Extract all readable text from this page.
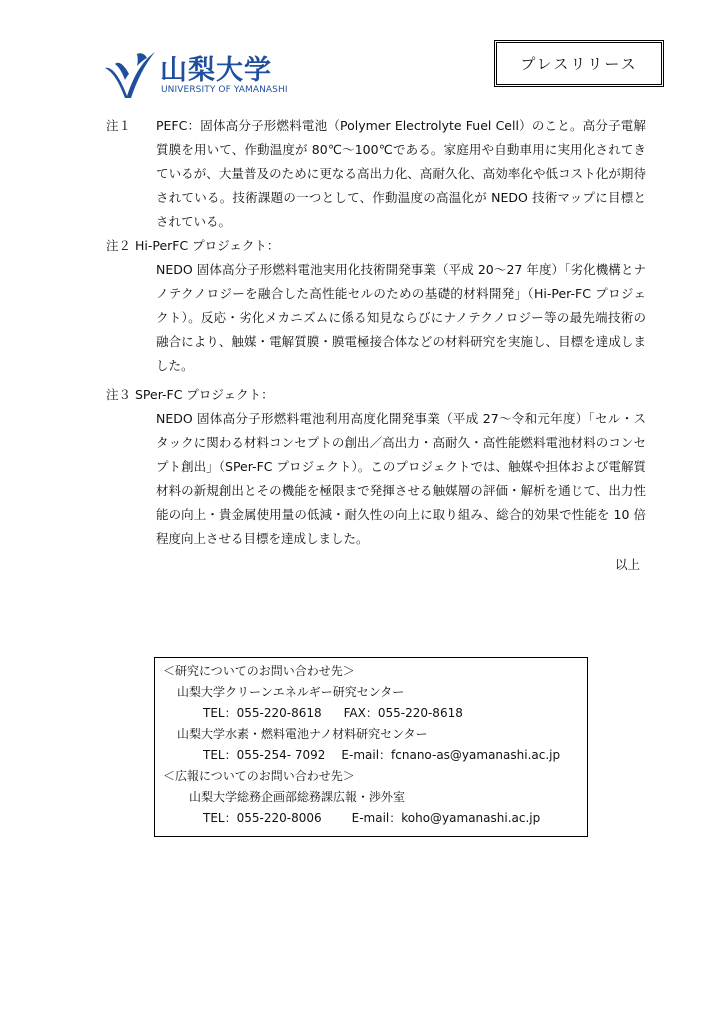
山梨大学
UNIVERSITY OF YAMANASHI
プレスリリース
注１	PEFC：固体高分子形燃料電池（Polymer Electrolyte Fuel Cell）のこと。高分子電解質膜を用いて、作動温度が 80℃〜100℃である。家庭用や自動車用に実用化されてきているが、大量普及のために更なる高出力化、高耐久化、高効率化や低コスト化が期待されている。技術課題の一つとして、作動温度の高温化が NEDO 技術マップに目標とされている。
注２ Hi-PerFC プロジェクト：
NEDO 固体高分子形燃料電池実用化技術開発事業（平成 20〜27 年度）「劣化機構とナノテクノロジーを融合した高性能セルのための基礎的材料開発」（Hi-Per-FC プロジェクト）。反応・劣化メカニズムに係る知見ならびにナノテクノロジー等の最先端技術の融合により、触媒・電解質膜・膜電極接合体などの材料研究を実施し、目標を達成しました。
注３ SPer-FC プロジェクト：
NEDO 固体高分子形燃料電池利用高度化開発事業（平成 27〜令和元年度）「セル・スタックに関わる材料コンセプトの創出／高出力・高耐久・高性能燃料電池材料のコンセプト創出」（SPer-FC プロジェクト）。このプロジェクトでは、触媒や担体および電解質材料の新規創出とその機能を極限まで発揮させる触媒層の評価・解析を通じて、出力性能の向上・貴金属使用量の低減・耐久性の向上に取り組み、総合的効果で性能を 10 倍程度向上させる目標を達成しました。
以上
＜研究についてのお問い合わせ先＞
山梨大学クリーンエネルギー研究センター
TEL：055-220-8618 FAX：055-220-8618
山梨大学水素・燃料電池ナノ材料研究センター
TEL：055-254- 7092 E-mail：fcnano-as@yamanashi.ac.jp
＜広報についてのお問い合わせ先＞
山梨大学総務企画部総務課広報・渉外室
TEL：055-220-8006	E-mail：koho@yamanashi.ac.jp
